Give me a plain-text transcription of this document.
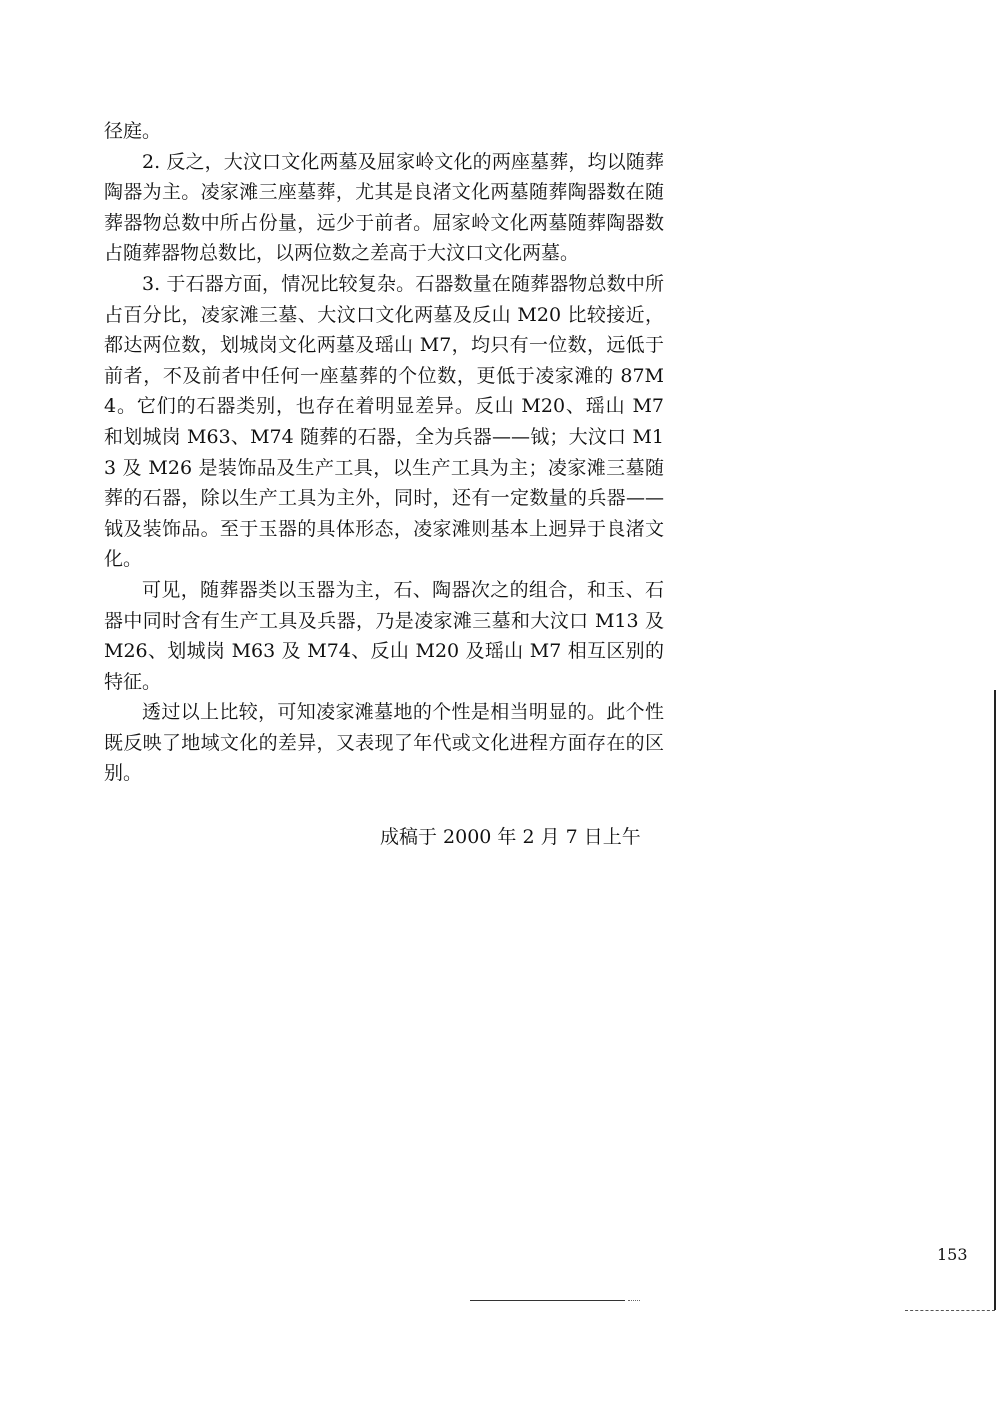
径庭。

2. 反之，大汶口文化两墓及屈家岭文化的两座墓葬，均以随葬陶器为主。凌家滩三座墓葬，尤其是良渚文化两墓随葬陶器数在随葬器物总数中所占份量，远少于前者。屈家岭文化两墓随葬陶器数占随葬器物总数比，以两位数之差高于大汶口文化两墓。

3. 于石器方面，情况比较复杂。石器数量在随葬器物总数中所占百分比，凌家滩三墓、大汶口文化两墓及反山 M20 比较接近，都达两位数，划城岗文化两墓及瑶山 M7，均只有一位数，远低于前者，不及前者中任何一座墓葬的个位数，更低于凌家滩的 87M4。它们的石器类别，也存在着明显差异。反山 M20、瑶山 M7 和划城岗 M63、M74 随葬的石器，全为兵器——钺；大汶口 M13 及 M26 是装饰品及生产工具，以生产工具为主；凌家滩三墓随葬的石器，除以生产工具为主外，同时，还有一定数量的兵器——钺及装饰品。至于玉器的具体形态，凌家滩则基本上迥异于良渚文化。

可见，随葬器类以玉器为主，石、陶器次之的组合，和玉、石器中同时含有生产工具及兵器，乃是凌家滩三墓和大汶口 M13 及 M26、划城岗 M63 及 M74、反山 M20 及瑶山 M7 相互区别的特征。

透过以上比较，可知凌家滩墓地的个性是相当明显的。此个性既反映了地域文化的差异，又表现了年代或文化进程方面存在的区别。

成稿于 2000 年 2 月 7 日上午
153
